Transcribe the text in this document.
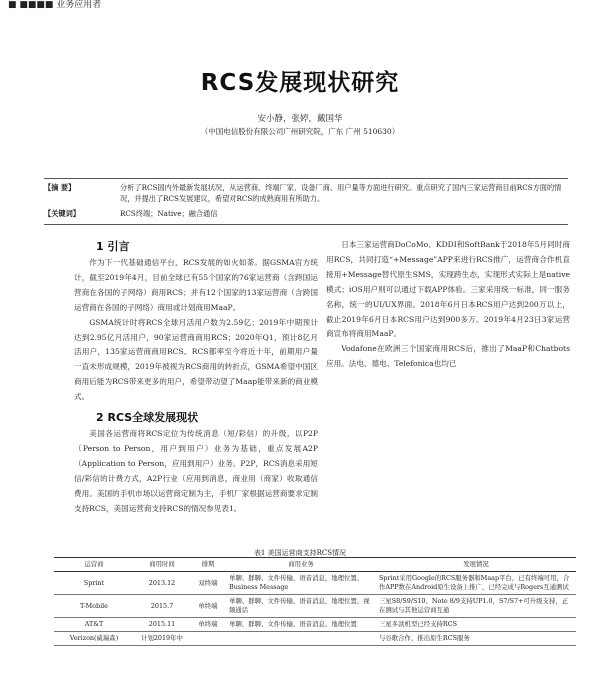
■ ■■■■ 业务应用者
RCS发展现状研究
安小静，张婷，戴国华
（中国电信股份有限公司广州研究院，广东 广州 510630）
【摘 要】	分析了RCS国内外最新发展状况，从运营商、终端厂家、设备厂商、用户量等方面进行研究。重点研究了国内三家运营商目前RCS方面的情况，并提出了RCS发展建议，希望对RCS的成熟商用有所助力。
【关键词】	RCS终端；Native；融合通信

1 引言

作为下一代基础通信平台，RCS发展的如火如荼。据GSMA官方统计，截至2019年4月，目前全球已有55个国家的76家运营商（含跨国运营商在各国的子网络）商用RCS；并有12个国家的13家运营商（含跨国运营商在各国的子网络）商用或计划商用MaaP。

GSMA统计时将RCS全球月活用户数为2.59亿；2019年中期预计达到2.95亿月活用户，90家运营商商用RCS；2020年Q1，预计8亿月活用户，135家运营商商用RCS。RCS都率至今将近十年，前期用户量一直未形成规模，2019年被视为RCS商用的转折点，GSMA希望中国区商用后能为RCS带来更多的用户，希望带动望了Maap能带来新的商业模式。

2 RCS全球发展现状

美国各运营商将RCS定位为传统消息（短/彩信）的升级，以P2P（Person to Person，用户到用户）业务为基础，重点发展A2P（Application to Person，应用到用户）业务。P2P，RCS消息采用短信/彩信的计费方式，A2P行业（应用到消息，商业用（商家）收取通信费用。美国的手机市场以运营商定制为主，手机厂家根据运营商要求定制支持RCS，美国运营商支持RCS的情况参见表1。

日本三家运营商DoCoMo、KDDI和SoftBank于2018年5月同时商用RCS，共同打造“+Message”APP来进行RCS推广，运营商合作机直接用+Message替代原生SMS，实现跨生态，实现形式实际上是native模式；iOS用户则可以通过下载APP体验。三家采用统一标准，同一服务名称，统一的UI/UX界面。2018年6月日本RCS用户达到200万以上，截止2019年6月日本RCS用户达到900多万。2019年4月23日3家运营商宣布将商用MaaP。

Vodafone在欧洲三个国家商用RCS后，推出了MaaP和Chatbots应用。法电、德电、Telefonica也均已

表1 美国运营商支持RCS情况
运营商	商用时间	排期	商用业务	发展情况
Sprint	2013.12	双终端	单聊、群聊、文件传输、语音消息，地理位置、Business Message	Sprint采用Google的RCS服务器和Maap平台，已有终端可用，合作APP数在Android原生设备上推广，已经完成与Rogers互通测试
T-Mobile	2015.7	单终端	单聊、群聊、文件传输、语音消息，地理位置、视频通话	三星S8/S9/S10、Note 8/9支持UP1.0，S7/S7+可升级支持，正在测试与其他运营商互通
AT&T	2015.11	单终端	单聊、群聊、文件传输、语音消息、地理位置	三星多款机型已经支持RCS
Verizon(威瑞森)	计划2019年中			与谷歌合作，推出原生RCS服务
